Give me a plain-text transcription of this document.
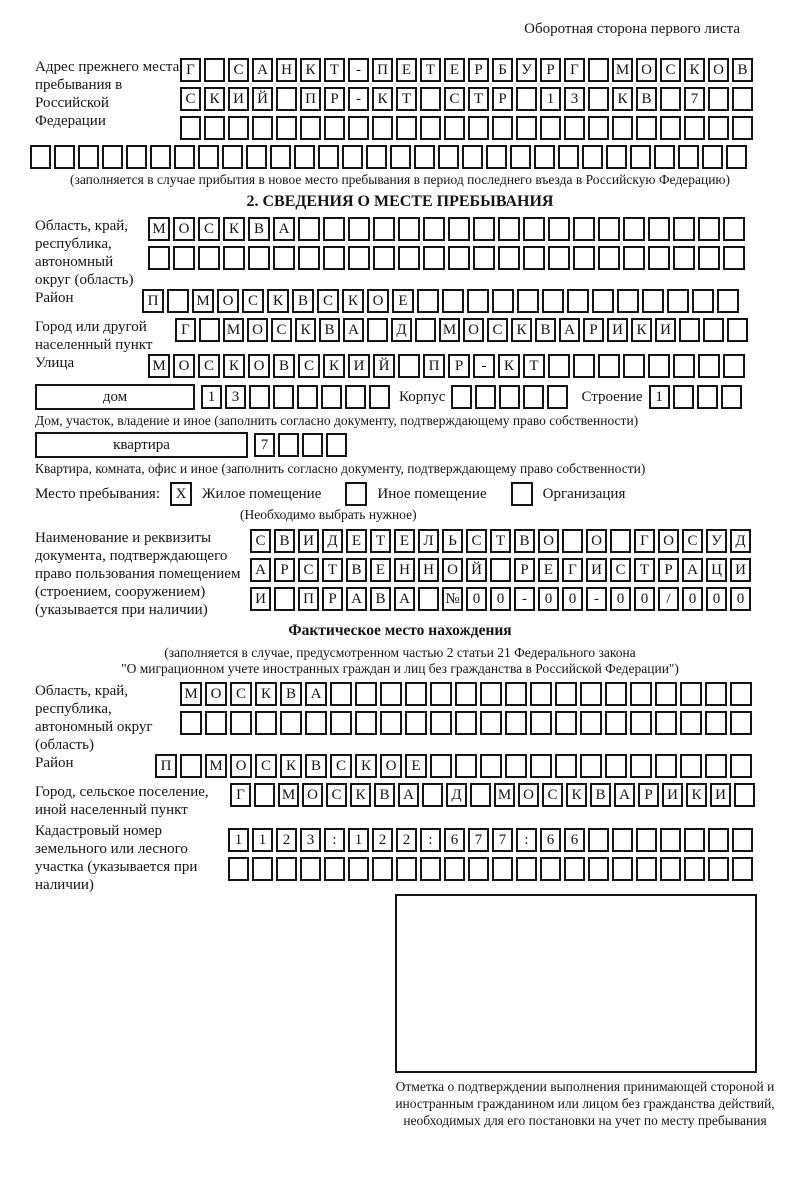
Оборотная сторона первого листа
Адрес прежнего места пребывания в Российской Федерации
Г	С А Н К Т	-	П Е Т Е	Р	Б У Р	Г	М О С К О В
С К И Й	П Р	-	К Т	С Т	Р	1	3	К В	7
(заполняется в случае прибытия в новое место пребывания в период последнего въезда в Российскую Федерацию)
2. СВЕДЕНИЯ О МЕСТЕ ПРЕБЫВАНИЯ
Область, край, республика, автономный округ (область)
М О С К В А
Район	П	М О С К В С К О Е
Город или другой населенный пункт
Г	М О С К В А	Д	М О С К В А Р И К И
Улица	М О С К О В С К И Й	П	Р	-	К	Т
дом	1	3	Корпус	Строение 1
Дом, участок, владение и иное (заполнить согласно документу, подтверждающему право собственности)
квартира	7
Квартира, комната, офис и иное (заполнить согласно документу, подтверждающему право собственности)
Место пребывания:	X	Жилое помещение	Иное помещение	Организация
(Необходимо выбрать нужное)
Наименование и реквизиты документа, подтверждающего право пользования помещением (строением, сооружением) (указывается при наличии)
С В И Д Е Т Е Л Ь С Т В О	О	Г О С У Д
А Р С Т В Е Н Н О Й	Р	Е	Г И С Т	Р А Ц И
И	П Р А В А	№ 0	0	-	0	0	-	0	0	/	0	0	0
Фактическое место нахождения
(заполняется в случае, предусмотренном частью 2 статьи 21 Федерального закона
"О миграционном учете иностранных граждан и лиц без гражданства в Российской Федерации")
Область, край, республика, автономный округ (область)
М О С К В А
Район	П	М О С К В С К О Е
Город, сельское поселение, иной населенный пункт
Г	М О С К В А	Д	М О С К В А Р И К И
Кадастровый номер земельного или лесного участка (указывается при наличии)
1	1	2	3	:	1	2	2	:	6	7	7	:	6	6
Отметка о подтверждении выполнения принимающей стороной и иностранным гражданином или лицом без гражданства действий, необходимых для его постановки на учет по месту пребывания
